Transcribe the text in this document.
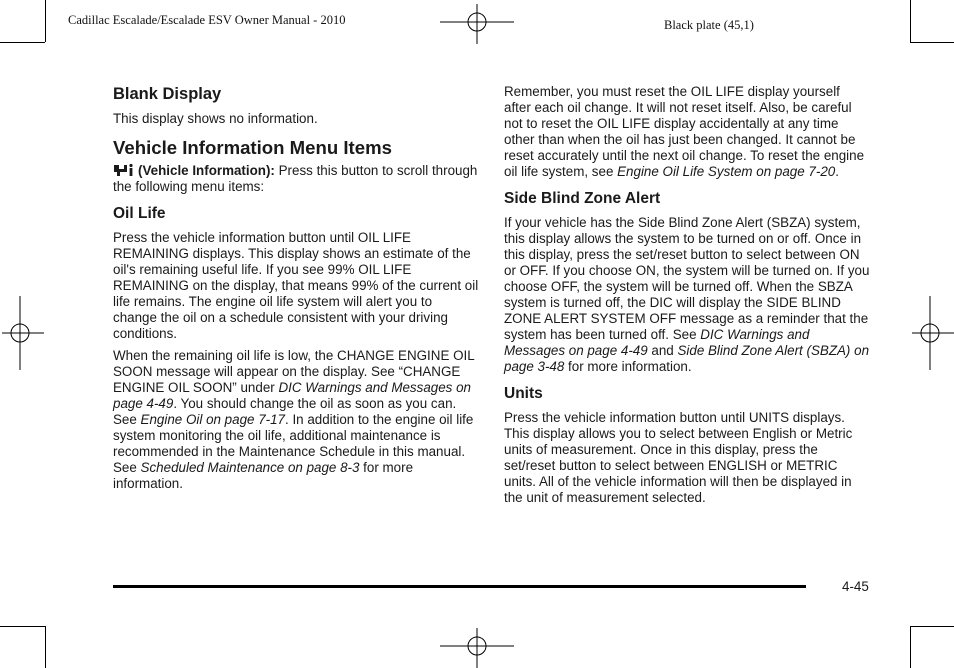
Cadillac Escalade/Escalade ESV Owner Manual - 2010	Black plate (45,1)
Blank Display

This display shows no information.

Vehicle Information Menu Items

(Vehicle Information): Press this button to scroll through the following menu items:

Oil Life

Press the vehicle information button until OIL LIFE REMAINING displays. This display shows an estimate of the oil's remaining useful life. If you see 99% OIL LIFE REMAINING on the display, that means 99% of the current oil life remains. The engine oil life system will alert you to change the oil on a schedule consistent with your driving conditions.

When the remaining oil life is low, the CHANGE ENGINE OIL SOON message will appear on the display. See “CHANGE ENGINE OIL SOON” under DIC Warnings and Messages on page 4-49. You should change the oil as soon as you can. See Engine Oil on page 7-17. In addition to the engine oil life system monitoring the oil life, additional maintenance is recommended in the Maintenance Schedule in this manual. See Scheduled Maintenance on page 8-3 for more information.

Remember, you must reset the OIL LIFE display yourself after each oil change. It will not reset itself. Also, be careful not to reset the OIL LIFE display accidentally at any time other than when the oil has just been changed. It cannot be reset accurately until the next oil change. To reset the engine oil life system, see Engine Oil Life System on page 7-20.

Side Blind Zone Alert

If your vehicle has the Side Blind Zone Alert (SBZA) system, this display allows the system to be turned on or off. Once in this display, press the set/reset button to select between ON or OFF. If you choose ON, the system will be turned on. If you choose OFF, the system will be turned off. When the SBZA system is turned off, the DIC will display the SIDE BLIND ZONE ALERT SYSTEM OFF message as a reminder that the system has been turned off. See DIC Warnings and Messages on page 4-49 and Side Blind Zone Alert (SBZA) on page 3-48 for more information.

Units

Press the vehicle information button until UNITS displays. This display allows you to select between English or Metric units of measurement. Once in this display, press the set/reset button to select between ENGLISH or METRIC units. All of the vehicle information will then be displayed in the unit of measurement selected.

4-45
